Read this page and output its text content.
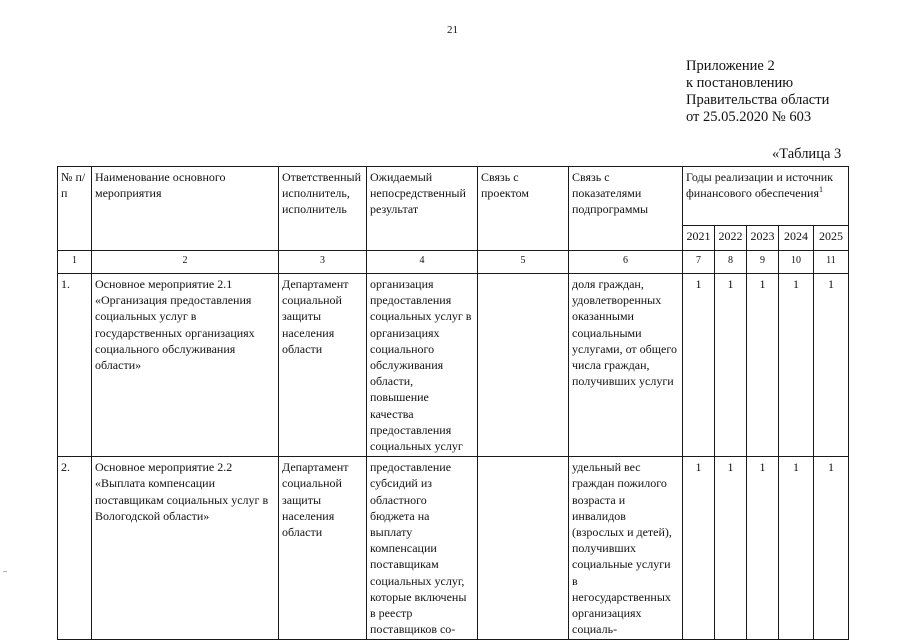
21
Приложение 2
к постановлению
Правительства области
от 25.05.2020 № 603
«Таблица 3
№ п/п	Наименование основного мероприятия	Ответственный исполнитель, исполнитель	Ожидаемый непосредственный результат	Связь с проектом	Связь с показателями подпрограммы	Годы реализации и источник финансового обеспечения$^1$
						2021	2022	2023	2024	2025
1	2	3	4	5	6	7	8	9	10	11
1.	Основное мероприятие 2.1 «Организация предоставления социальных услуг в государственных организациях социального обслуживания области»	Департамент социальной защиты населения области	организация предоставления социальных услуг в организациях социального обслуживания области, повышение качества предоставления социальных услуг		доля граждан, удовлетворенных оказанными социальными услугами, от общего числа граждан, получивших услуги	1	1	1	1	1
2.	Основное мероприятие 2.2 «Выплата компенсации поставщикам социальных услуг в Вологодской области»	Департамент социальной защиты населения области	предоставление субсидий из областного бюджета на выплату компенсации поставщикам социальных услуг, которые включены в реестр поставщиков со-		удельный вес граждан пожилого возраста и инвалидов (взрослых и детей), получивших социальные услуги в негосударственных организациях социаль-	1	1	1	1	1
–
